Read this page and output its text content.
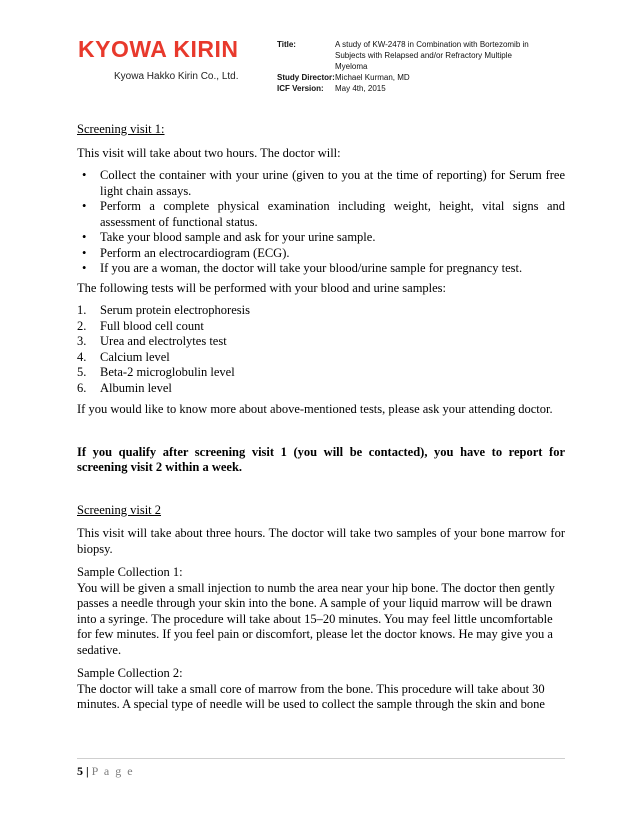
KYOWA KIRIN
Kyowa Hakko Kirin Co., Ltd.
Title:	A study of KW-2478 in Combination with Bortezomib in
Subjects with Relapsed and/or Refractory Multiple Myeloma
Study Director: Michael Kurman, MD
ICF Version:	May 4th, 2015

Screening visit 1:

This visit will take about two hours. The doctor will:

• Collect the container with your urine (given to you at the time of reporting) for Serum free light chain assays.
• Perform a complete physical examination including weight, height, vital signs and assessment of functional status.
• Take your blood sample and ask for your urine sample.
• Perform an electrocardiogram (ECG).
• If you are a woman, the doctor will take your blood/urine sample for pregnancy test.

The following tests will be performed with your blood and urine samples:

1. Serum protein electrophoresis
2. Full blood cell count
3. Urea and electrolytes test
4. Calcium level
5. Beta-2 microglobulin level
6. Albumin level

If you would like to know more about above-mentioned tests, please ask your attending doctor.

If you qualify after screening visit 1 (you will be contacted), you have to report for screening visit 2 within a week.

Screening visit 2

This visit will take about three hours. The doctor will take two samples of your bone marrow for biopsy.

Sample Collection 1:

You will be given a small injection to numb the area near your hip bone. The doctor then gently passes a needle through your skin into the bone. A sample of your liquid marrow will be drawn into a syringe. The procedure will take about 15–20 minutes. You may feel little uncomfortable for few minutes. If you feel pain or discomfort, please let the doctor knows. He may give you a sedative.

Sample Collection 2:

The doctor will take a small core of marrow from the bone. This procedure will take about 30 minutes. A special type of needle will be used to collect the sample through the skin and bone

5 | P a g e
